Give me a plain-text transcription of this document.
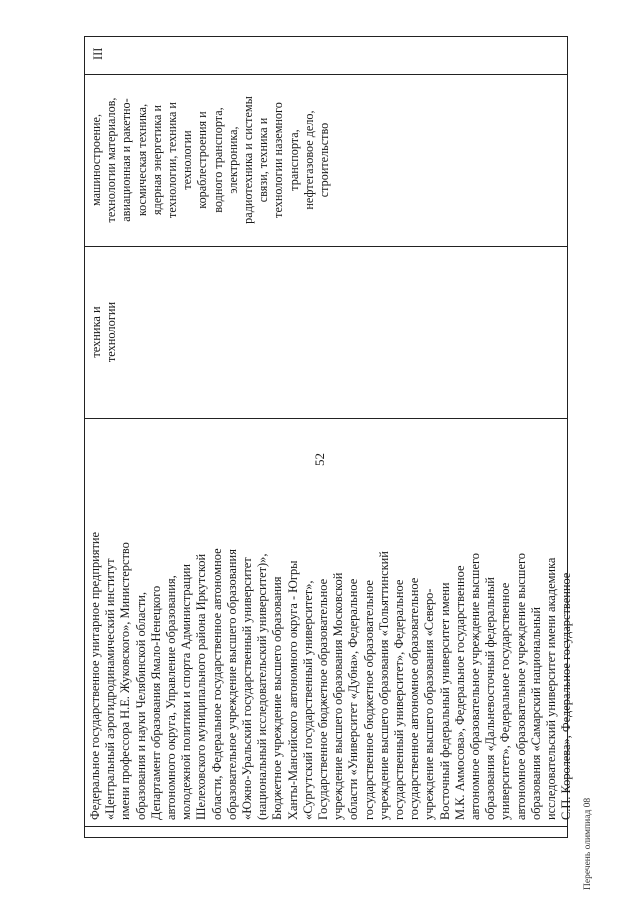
52
Перечень олимпиад 08
Федеральное государственное унитарное предприятие «Центральный аэрогидродинамический институт имени профессора Н.Е. Жуковского», Министерство образования и науки Челябинской области, Департамент образования Ямало-Ненецкого автономного округа, Управление образования, молодежной политики и спорта Администрации Шелеховского муниципального района Иркутской области, Федеральное государственное автономное образовательное учреждение высшего образования «Южно-Уральский государственный университет (национальный исследовательский университет)», Бюджетное учреждение высшего образования Ханты-Мансийского автономного округа - Югры «Сургутский государственный университет», Государственное бюджетное образовательное учреждение высшего образования Московской области «Университет «Дубна», Федеральное государственное бюджетное образовательное учреждение высшего образования «Тольяттинский государственный университет», Федеральное государственное автономное образовательное учреждение высшего образования «Северо- Восточный федеральный университет имени М.К. Аммосова», Федеральное государственное автономное образовательное учреждение высшего образования «Дальневосточный федеральный университет», Федеральное государственное автономное образовательное учреждение высшего образования «Самарский национальный исследовательский университет имени академика С.П. Королева», Федеральное государственное
техника и технологии
машиностроение, технологии материалов, авиационная и ракетно- космическая техника, ядерная энергетика и технологии, техника и технологии кораблестроения и водного транспорта, электроника, радиотехника и системы связи, техника и технологии наземного транспорта, нефтегазовое дело, строительство
III
